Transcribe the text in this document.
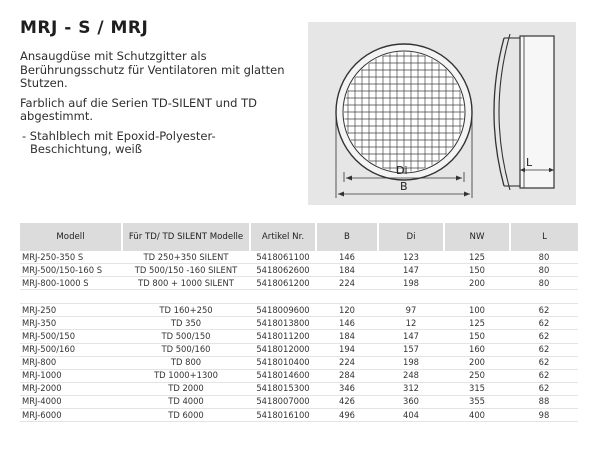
MRJ - S / MRJ

Ansaugdüse mit Schutzgitter als Berührungsschutz für Ventilatoren mit glatten Stutzen.

Farblich auf die Serien TD-SILENT und TD abgestimmt.

- Stahlblech mit Epoxid-Polyester-Beschichtung, weiß

Di
B
L
Modell	Für TD/ TD SILENT Modelle	Artikel Nr.	B	Di	NW	L
MRJ-250-350 S	TD 250+350 SILENT	5418061100	146	123	125	80
MRJ-500/150-160 S	TD 500/150 -160 SILENT	5418062600	184	147	150	80
MRJ-800-1000 S	TD 800 + 1000 SILENT	5418061200	224	198	200	80

MRJ-250	TD 160+250	5418009600	120	97	100	62
MRJ-350	TD 350	5418013800	146	12	125	62
MRJ-500/150	TD 500/150	5418011200	184	147	150	62
MRJ-500/160	TD 500/160	5418012000	194	157	160	62
MRJ-800	TD 800	5418010400	224	198	200	62
MRJ-1000	TD 1000+1300	5418014600	284	248	250	62
MRJ-2000	TD 2000	5418015300	346	312	315	62
MRJ-4000	TD 4000	5418007000	426	360	355	88
MRJ-6000	TD 6000	5418016100	496	404	400	98
